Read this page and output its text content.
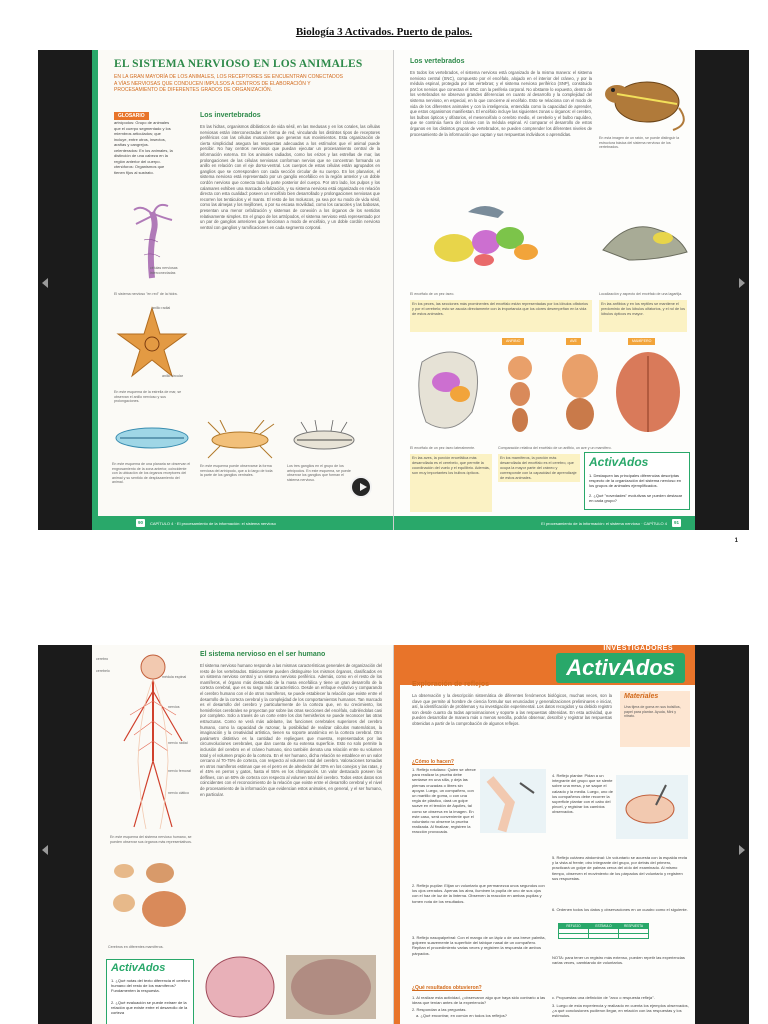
Biología 3 Activados. Puerto de palos.
EL SISTEMA NERVIOSO EN LOS ANIMALES
EN LA GRAN MAYORÍA DE LOS ANIMALES, LOS RECEPTORES SE ENCUENTRAN CONECTADOS A VÍAS NERVIOSAS QUE CONDUCEN IMPULSOS A CENTROS DE ELABORACIÓN Y PROCESAMIENTO DE DIFERENTES GRADOS DE ORGANIZACIÓN.
GLOSARIO
artrópodos: Grupo de animales que el cuerpo segmentado y los miembros articulados; que incluye, entre otros, insectos, arañas y cangrejos. celenterados: En los animales, la distinción de una cabeza en la región anterior del cuerpo. ctenóforos: Organismos que tienen fijos al sustrato.
Los invertebrados
En las hidras, organismos diblásticos de vida sésil, en las medusas y en los corales, las células nerviosas están interconectadas en forma de red, vinculando los distintos tipos de receptores periféricos con las células musculares que generan sus movimientos. Esta organización de cierta simplicidad asegura las respuestas adecuadas a los estímulos que el animal puede percibir. No hay centros nerviosos que puedan ejecutar un procesamiento central de la información externa. En los animales radiados, como los erizos y las estrellas de mar, las prolongaciones de las células nerviosas conforman nervios que se concentran formando un anillo en relación con el eje dorso-ventral. Los cuerpos de estas células están agrupados en ganglios que se corresponden con cada sección circular de su cuerpo. En los planarios, el sistema nervioso está representado por un ganglio encefálico en la región anterior y un doble cordón nervioso que conecta toda la parte posterior del cuerpo. Por otro lado, los pulpos y los calamares exhiben una marcada cefalización, y su sistema nervioso está organizado en relación directa con esta cualidad: poseen un encéfalo bien desarrollado y prolongaciones nerviosas que recorren los tentáculos y el manto. El resto de los moluscos, ya sea por su modo de vida sésil, como las almejas y los mejillones, o por su escasa movilidad, como los caracoles y las babosas, presentan una menor cefalización y sistemas de conexión a los órganos de los sentidos relativamente simples. En el grupo de los artrópodos, el sistema nervioso está representado por un par de ganglios anteriores que funcionan a modo de encéfalo, y un doble cordón nervioso ventral con ganglios y ramificaciones en cada segmento corporal.
células nerviosas interconectadas
El sistema nervioso "en red" de la hidra.
anillo radial
anillo circular
En este esquema de la estrella de mar, se observan el anillo nervioso y sus prolongaciones.
En este esquema de una planaria se observan el engrosamiento de la zona anterior, coincidente con la ubicación de los órganos receptores del animal y su sentido de desplazamiento del animal.
En este esquema puede observarse la forma nerviosa del artrópodo, que a lo largo de toda la parte de los ganglios ventrales.
Los tres ganglios en el grupo de los artrópodos. En este esquema, se puede observar los ganglios que forman el sistema nervioso.
90	CAPÍTULO 4 · El procesamiento de la información: el sistema nervioso
Los vertebrados
En todos los vertebrados, el sistema nervioso está organizado de la misma manera: el sistema nervioso central (SNC), compuesto por el encéfalo, alojado en el interior del cráneo, y por la médula espinal, protegida por las vértebras; y el sistema nervioso periférico (SNP), constituido por los nervios que conectan el SNC con la periferia corporal. No obstante lo expuesto, dentro de los vertebrados se observan grandes diferencias en cuanto al desarrollo y la complejidad del sistema nervioso, en especial, en lo que concierne al encéfalo. Esto se relaciona con el modo de vida de los diferentes animales y con la inteligencia, entendida como la capacidad de aprender, que estos organismos manifiestan. El encéfalo incluye las siguientes zonas u órganos: el cerebro, los bulbos ópticos y olfatorios, el mesencéfalo o cerebro medio, el cerebelo y el bulbo raquídeo, que se continúa fuera del cráneo con la médula espinal. Al comparar el desarrollo de estos órganos en los distintos grupos de vertebrados, se pueden comprender los diferentes niveles de procesamiento de la información que captan y sus respuestas individuos o aprendidas.
En esta imagen de un ratón, se puede distinguir la estructura básica del sistema nervioso de los vertebrados.
El encéfalo de un pez óseo.	Localización y aspecto del encéfalo de una lagartija.
En los peces, las secciones más prominentes del encéfalo están representadas por los lóbulos olfatorios y por el cerebelo; esto se asocia directamente con la importancia que los olores desempeñan en la vida de estos animales.
En las anfibios y en los reptiles se mantiene el predominio de los lóbulos olfatorios, y el rol de los lóbulos ópticos es mayor.
El encéfalo de un pez óseo lateralmente.
ANFIBIO	AVE	MAMÍFERO
Comparación relativa del encéfalo de un anfibio, un ave y un mamífero.
En las aves, la porción encefálica más desarrollada es el cerebelo, que permite la coordinación del vuelo y el equilibrio. Además, son muy importantes los bulbos ópticos.
En los mamíferos, la porción más desarrollada del encéfalo es el cerebro, que ocupa la mayor parte del cráneo y corresponde con la capacidad de aprendizaje de estos animales.
ActivAdos
1. Destaquen las principales diferencias descriptas respecto de la organización del sistema nervioso en los grupos de animales ejemplificados.
2. ¿Qué "novedades" evolutivas se pueden destacar en cada grupo?
El procesamiento de la información: el sistema nervioso · CAPÍTULO 4	91
1
cerebro
cerebelo
médula espinal
nervios
nervio radial
nervio femoral
nervio ciático
En este esquema del sistema nervioso humano, se pueden observar sus órganos más representativos.
El sistema nervioso en el ser humano
El sistema nervioso humano responde a las mismas características generales de organización del resto de los vertebrados. Básicamente pueden distinguirse los mismos órganos, clasificados en un sistema nervioso central y un sistema nervioso periférico. Además, como en el resto de los mamíferos, el órgano más destacado de la masa encefálica y tiene un gran desarrollo de la corteza cerebral, que es su rasgo más característico. Desde un enfoque evolutivo y comparando el cerebro humano con el de otros mamíferos, se puede establecer la relación que existe entre el desarrollo de la corteza cerebral y la complejidad de los comportamientos humanos. Tan marcado es el desarrollo del cerebro y particularmente de la corteza que, en su crecimiento, los hemisferios cerebrales se proyectan por sobre las otras secciones del encéfalo, cubriéndolas casi por completo. Solo a través de un corte entre los dos hemisferios se puede reconocer las otras estructuras. Como se verá más adelante, las funciones cerebrales superiores del cerebro humano, como la capacidad de razonar, la posibilidad de realizar cálculos matemáticos, la imaginación y la creatividad artística, tienen su soporte anatómico en la corteza cerebral. Otro parámetro distintivo es la cantidad de repliegues que muestra, representados por las circunvoluciones cerebrales, que dan cuenta de su extensa superficie. Esto no solo permite la inclusión del cerebro en el cráneo humano, sino también denota una relación entre su volumen total y el volumen propio de la corteza. En el ser humano, dicha relación se establece en un valor cercano al 70-75% de corteza, con respecto al volumen total del cerebro. Valoraciones tomadas en otros mamíferos estiman que en el perro es de alrededor del 30% en los conejos y las ratas, y el 45% en perros y gatos, hasta el 55% en los chimpancés. Un valor destacado poseen los delfines, con un 60% de corteza con respecto al volumen total del cerebro. Todos estos datos son coincidentes con el reconocimiento de la relación que existe entre el desarrollo cerebral y el nivel de procesamiento de la información que evidencian estos animales, en general, y el ser humano, en particular.
Cerebros en diferentes mamíferos.
ActivAdos
1. ¿Qué notas del texto diferencia el cerebro humano del resto de los mamíferos? Fundamenten la respuesta.
2. ¿Qué evaluación se puede extraer de la relación que existe entre el desarrollo de la corteza
INVESTIGADORES
ActivAdos
Exploración de reflejos
La observación y la descripción sistemática de diferentes fenómenos biológicos, muchas veces, son la clave que permite al hombre de ciencia formular sus enunciados y generalizaciones preliminares e iniciar, así, la identificación de problemas y su investigación experimental. Los datos recogidos y su debido registro son desde cuanto da todas aproximaciones y soporte a las respuestas obtenidas. En esta actividad, que pueden desarrollar de manera más o menos sencilla, podrán observar, describir y registrar las respuestas obtenidas a partir de la comprobación de algunos reflejos.
Materiales
Una tijera de goma en sus bolsillos, papel para plantar. Ayuda, Mini y nitrato.
¿Cómo lo hacen?
1. Reflejo rotuliano: Quien se ofrece para realizar la prueba debe sentarse en una silla, y deja las piernas cruzadas o libres sin apoyar. Luego, un compañero, con un martillo de goma, o con una regla de plástico, dará un golpe suave en el tendón de Aquiles, tal como se observa en la imagen. En este caso, será conveniente que el voluntario no observe la prueba realizada. Al finalizar, registren la reacción provocada.
2. Reflejo pupilar: Elijan un voluntario que permanezca unos segundos con los ojos cerrados. Apenas los abra, iluminen la pupila de uno de sus ojos con el haz de luz de la linterna. Observen la reacción en ambas pupilas y tomen nota de los resultados.
3. Reflejo nasopalpebral: Con el mango de un lápiz o de una breve palmita, golpeen suavemente la superficie del tabique nasal de un compañero. Repitan el procedimiento varias veces y registren la respuesta de ambos párpados.
4. Reflejo plantar: Pidan a un integrante del grupo que se siente sobre una mesa, y se saque el calzado y la media. Luego, uno de los compañeros debe recorrer la superficie plantar con el cabo del pincel, y registrar los cambios observados.
5. Reflejo cutáneo abdominal: Un voluntario se acuesta con la espalda recta y la vista al frente; otro integrante del grupo, por detrás del primero, practicará un golpe de palmas cerca del oído del examinado. Al mismo tiempo, observen el movimiento de los párpados del voluntario y registren sus respuestas.
6. Ordenen todos los datos y observaciones en un cuadro como el siguiente.
REFLEJO	ESTÍMULO	RESPUESTA

NOTA: para tener un registro más extenso, pueden repetir las experiencias varias veces, cambiando de voluntarios.
¿Qué resultados obtuvieron?
1. Al realizar esta actividad, ¿observaron algo que haya sido contrario a las ideas que tenían antes de la experiencia?
2. Respondan a las preguntas.
a. ¿Qué encontrar, en común en todos los reflejos?
c. Propuestas una definición de "arco o respuesta refleja".
3. Luego de esta experiencia y realizado en cuenta los ejemplos observados, ¿a qué conclusiones pudieron llegar, en relación con las respuestas y los estímulos.
